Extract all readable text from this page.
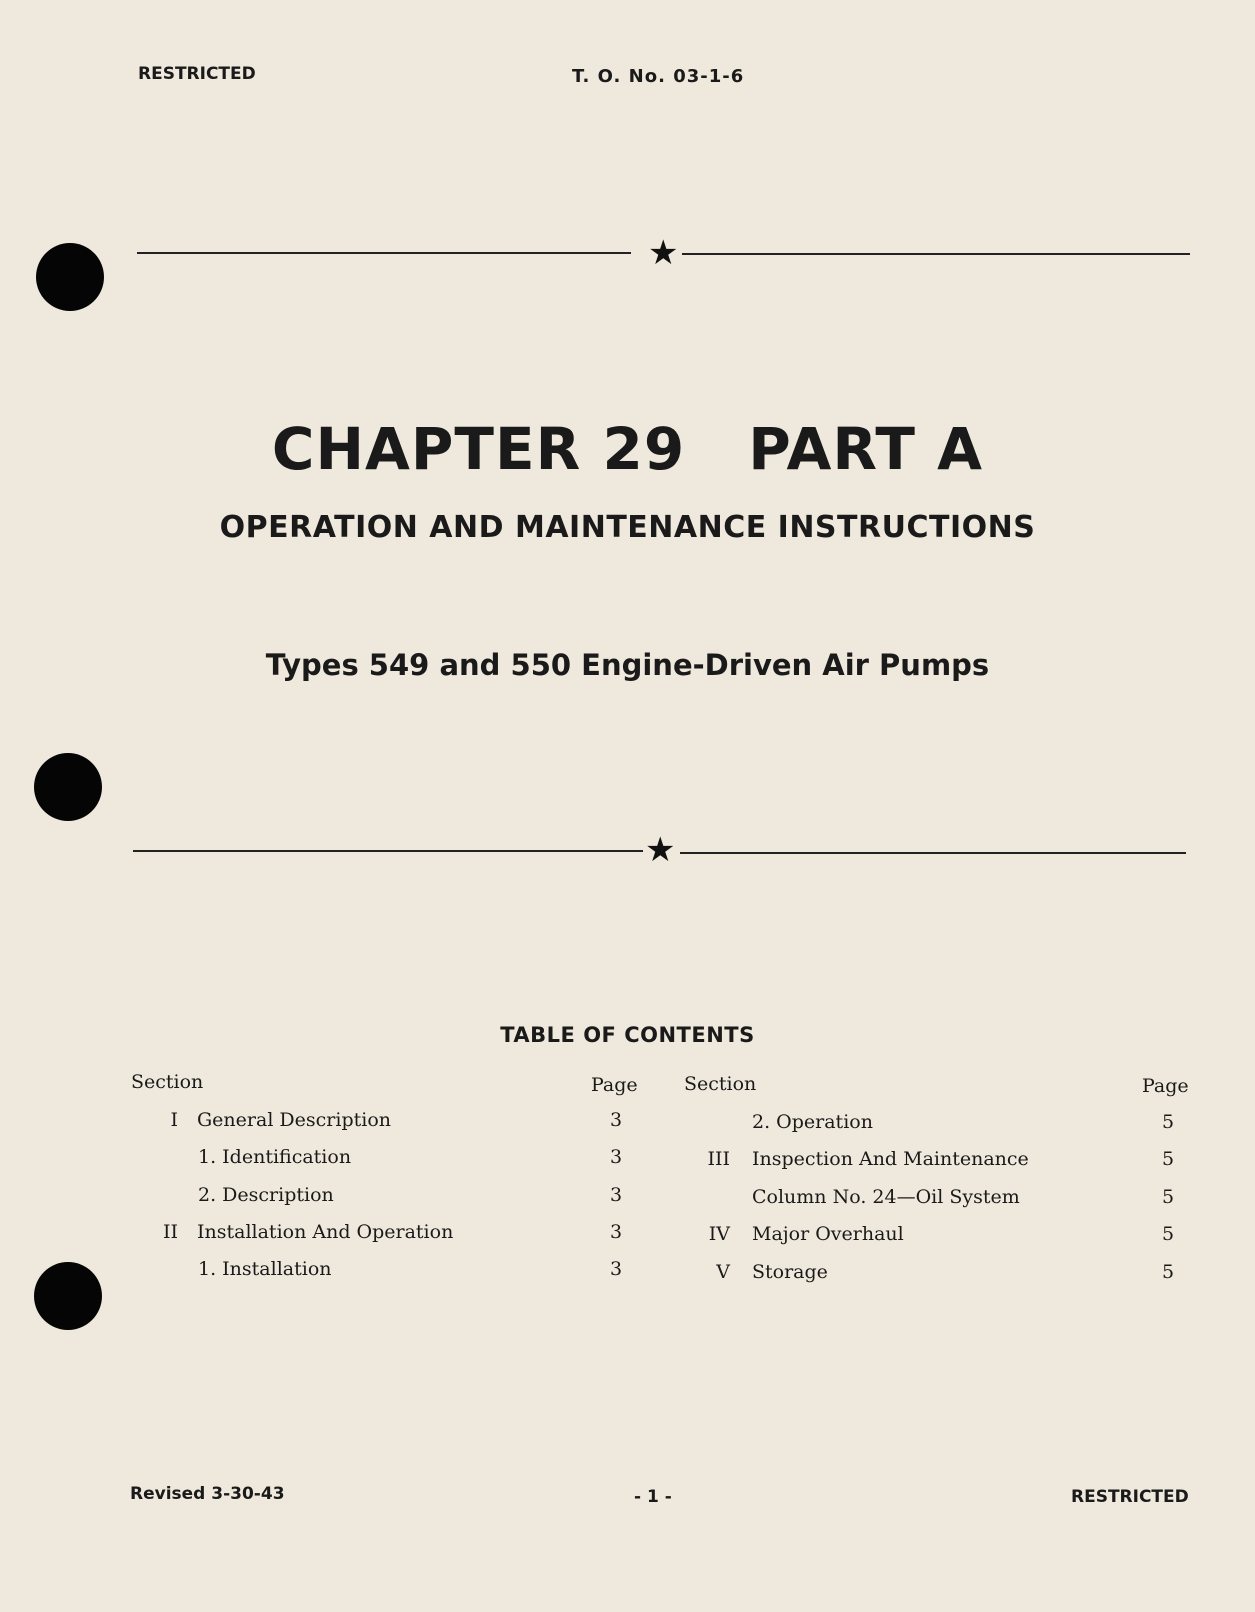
RESTRICTED	T. O. No. 03-1-6
★
CHAPTER 29 PART A
OPERATION AND MAINTENANCE INSTRUCTIONS
Types 549 and 550 Engine-Driven Air Pumps
★
TABLE OF CONTENTS
Section	Page Section	Page
I General Description	3
1. Identification	3
2. Description	3
II Installation And Operation	3
1. Installation	3
2. Operation	5
III Inspection And Maintenance	5
Column No. 24—Oil System	5
IV Major Overhaul	5
V Storage	5
Revised 3-30-43	- 1 -	RESTRICTED
